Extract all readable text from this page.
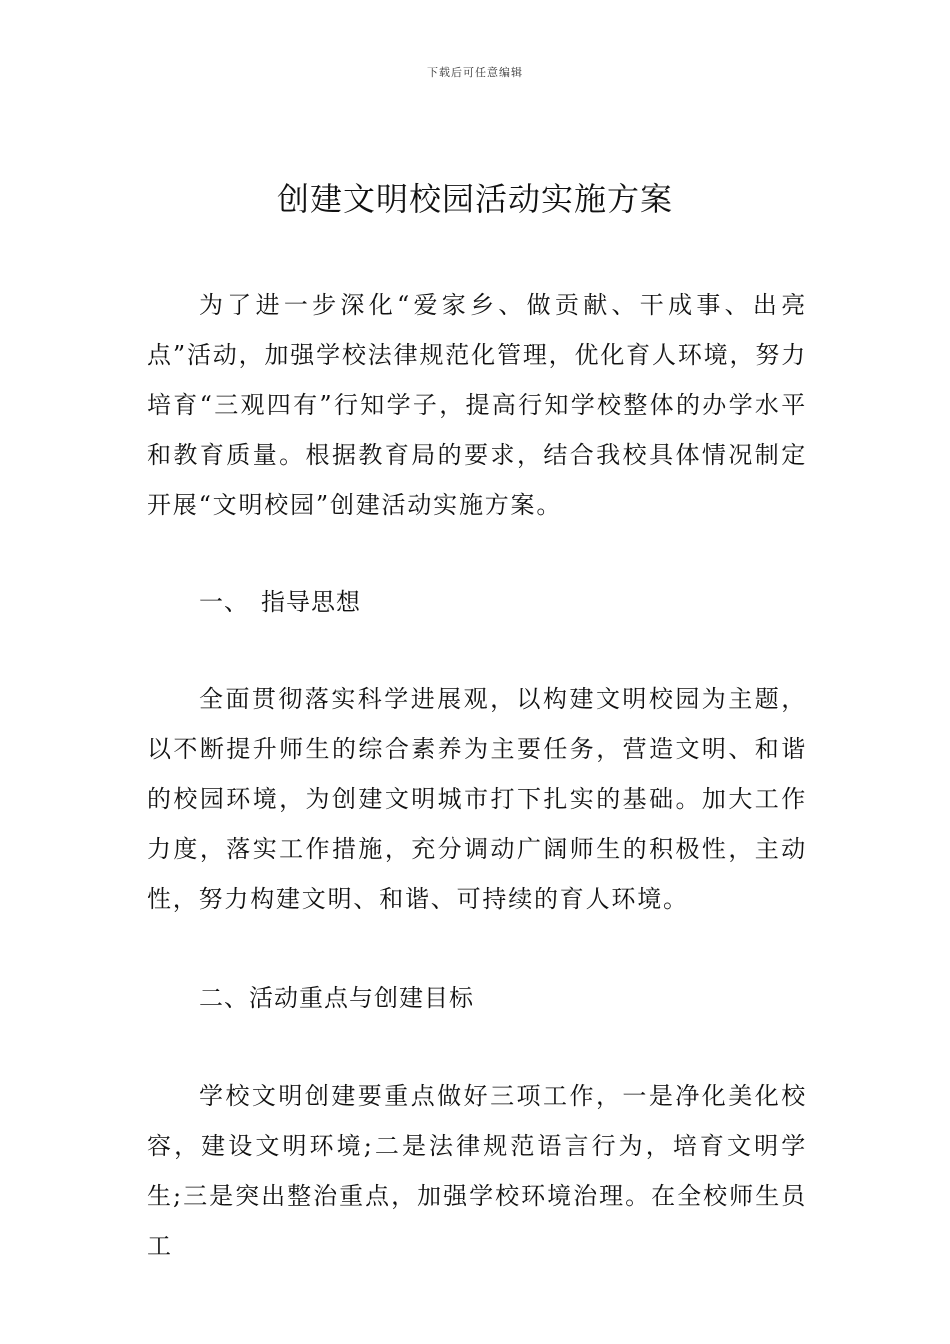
下载后可任意编辑
创建文明校园活动实施方案

为了进一步深化“爱家乡、做贡献、干成事、出亮点”活动，加强学校法律规范化管理，优化育人环境，努力培育“三观四有”行知学子，提高行知学校整体的办学水平和教育质量。根据教育局的要求，结合我校具体情况制定开展“文明校园”创建活动实施方案。

一、 指导思想

全面贯彻落实科学进展观，以构建文明校园为主题，以不断提升师生的综合素养为主要任务，营造文明、和谐的校园环境，为创建文明城市打下扎实的基础。加大工作力度，落实工作措施，充分调动广阔师生的积极性，主动性，努力构建文明、和谐、可持续的育人环境。

二、活动重点与创建目标

学校文明创建要重点做好三项工作，一是净化美化校容，建设文明环境;二是法律规范语言行为，培育文明学生;三是突出整治重点，加强学校环境治理。在全校师生员工
